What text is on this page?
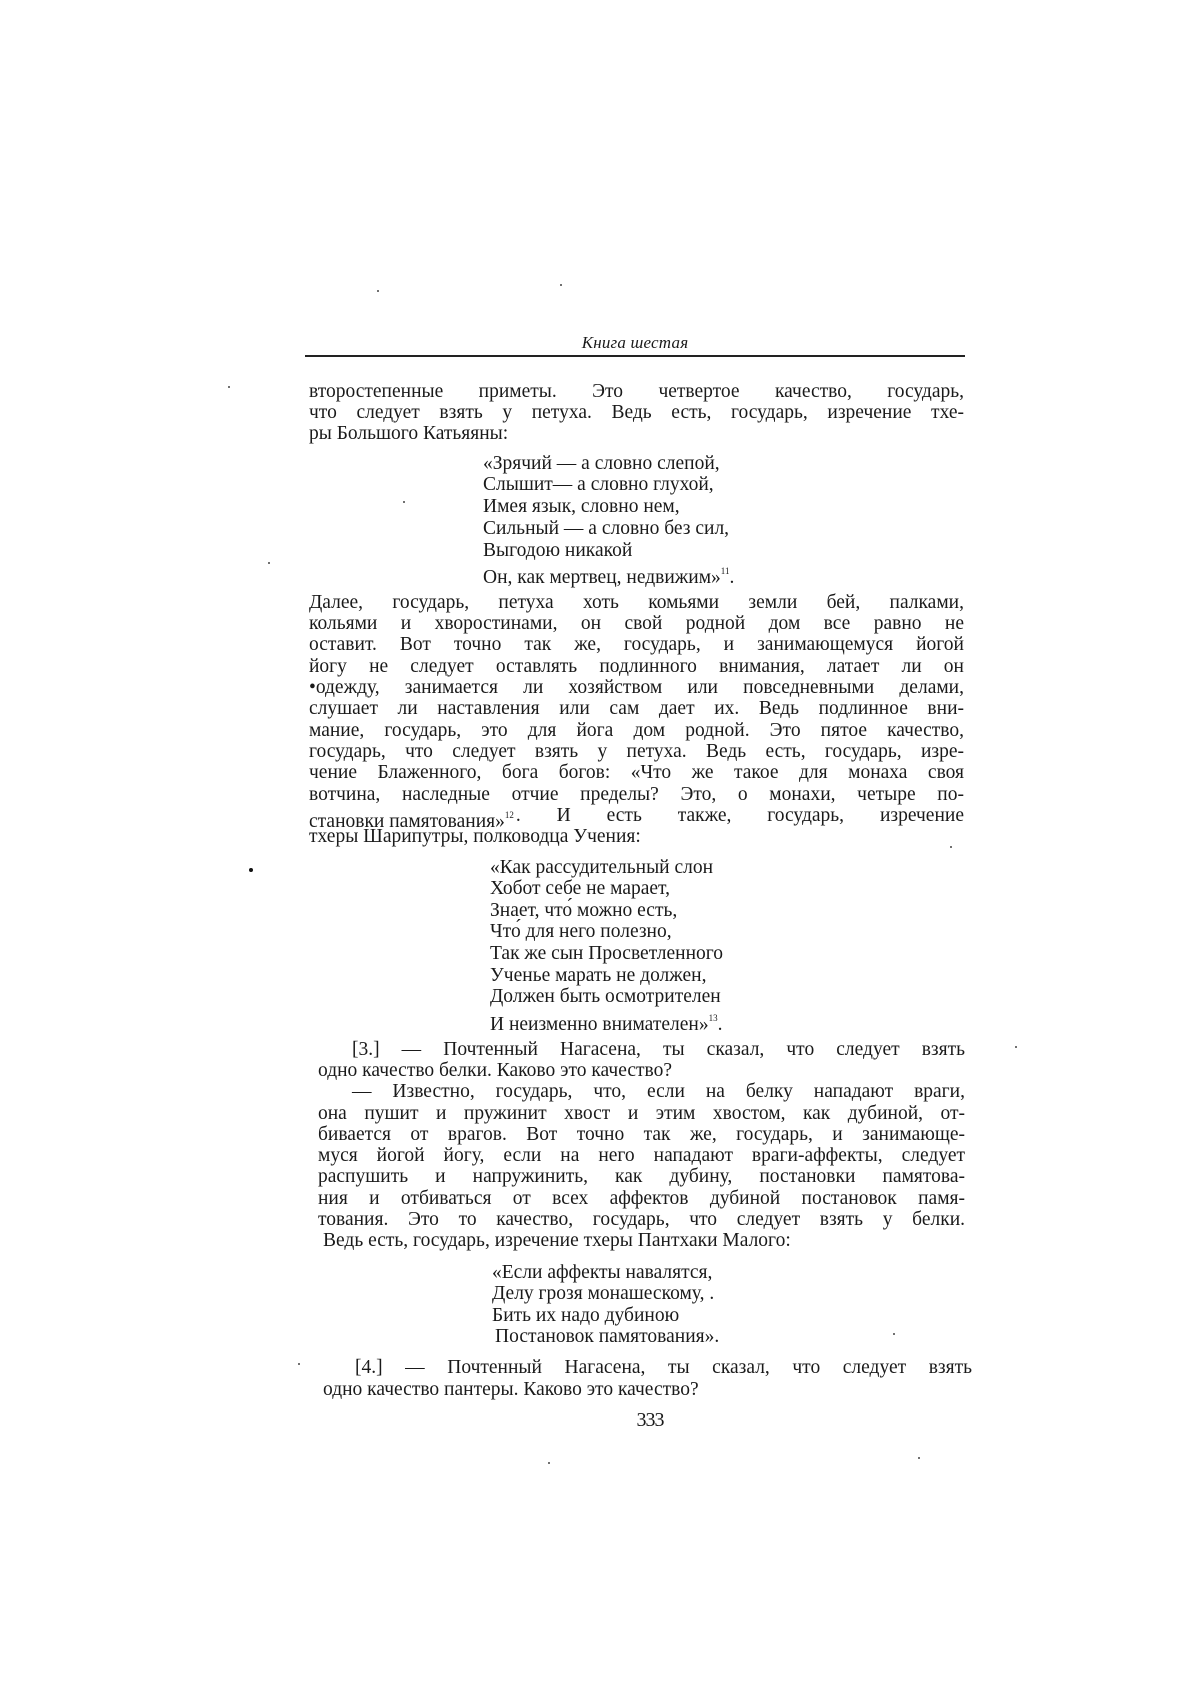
Книга шестая
второстепенные приметы. Это четвертое качество, государь,
что следует взять у петуха. Ведь есть, государь, изречение тхе-
ры Большого Катьяяны:
«Зрячий — а словно слепой,
Слышит— а словно глухой,
Имея язык, словно нем,
Сильный — а словно без сил,
Выгодою никакой
Он, как мертвец, недвижим»$^{11}$.
Далее, государь, петуха хоть комьями земли бей, палками,
кольями и хворостинами, он свой родной дом все равно не
оставит. Вот точно так же, государь, и занимающемуся йогой
йогу не следует оставлять подлинного внимания, латает ли он
•одежду, занимается ли хозяйством или повседневными делами,
слушает ли наставления или сам дает их. Ведь подлинное вни-
мание, государь, это для йога дом родной. Это пятое качество,
государь, что следует взять у петуха. Ведь есть, государь, изре-
чение Блаженного, бога богов: «Что же такое для монаха своя
вотчина, наследные отчие пределы? Это, о монахи, четыре по-
становки памятования»$^{12}$ . И есть также, государь, изречение
тхеры Шарипутры, полководца Учения:
«Как рассудительный слон
Хобот себе не марает,
Знает, что́ можно есть,
Что́ для него полезно,
Так же сын Просветленного
Ученье марать не должен,
Должен быть осмотрителен
И неизменно внимателен»$^{13}$.
[3.] — Почтенный Нагасена, ты сказал, что следует взять
одно качество белки. Каково это качество?
— Известно, государь, что, если на белку нападают враги,
она пушит и пружинит хвост и этим хвостом, как дубиной, от-
бивается от врагов. Вот точно так же, государь, и занимающе-
муся йогой йогу, если на него нападают враги-аффекты, следует
распушить и напружинить, как дубину, постановки памятова-
ния и отбиваться от всех аффектов дубиной постановок памя-
тования. Это то качество, государь, что следует взять у белки.
Ведь есть, государь, изречение тхеры Пантхаки Малого:
«Если аффекты навалятся,
Делу грозя монашескому, .
Бить их надо дубиною
Постановок памятования».
[4.] — Почтенный Нагасена, ты сказал, что следует взять
одно качество пантеры. Каково это качество?
333
